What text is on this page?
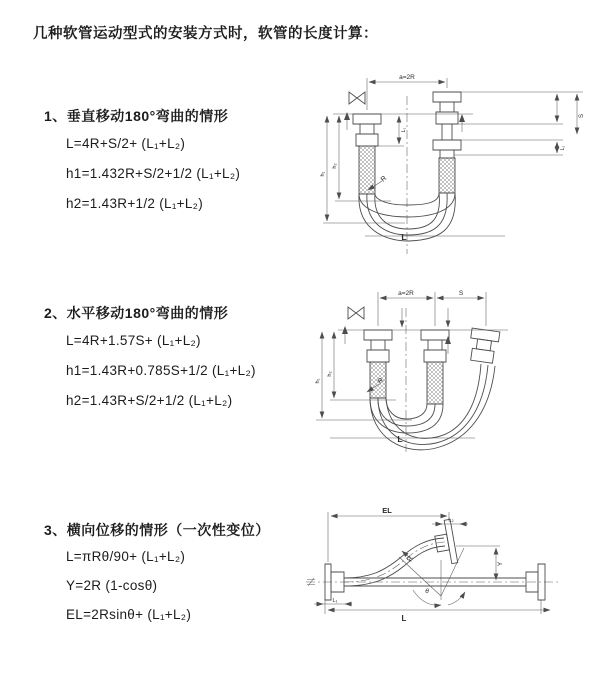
几种软管运动型式的安装方式时，软管的长度计算：
1、垂直移动180°弯曲的情形
L=4R+S/2+ (L₁+L₂)
h1=1.432R+S/2+1/2 (L₁+L₂)
h2=1.43R+1/2 (L₁+L₂)
2、水平移动180°弯曲的情形
L=4R+1.57S+ (L₁+L₂)
h1=1.43R+0.785S+1/2 (L₁+L₂)
h2=1.43R+S/2+1/2 (L₁+L₂)
3、横向位移的情形（一次性变位）
L=πRθ/90+ (L₁+L₂)
Y=2R (1-cosθ)
EL=2Rsinθ+ (L₁+L₂)
a=2R
h₁
h₂
L₁
S
L₁
R
L
a=2R	S
h₁
h₂
R
L
EL
L₂
Y
θ
R
L
L₁
